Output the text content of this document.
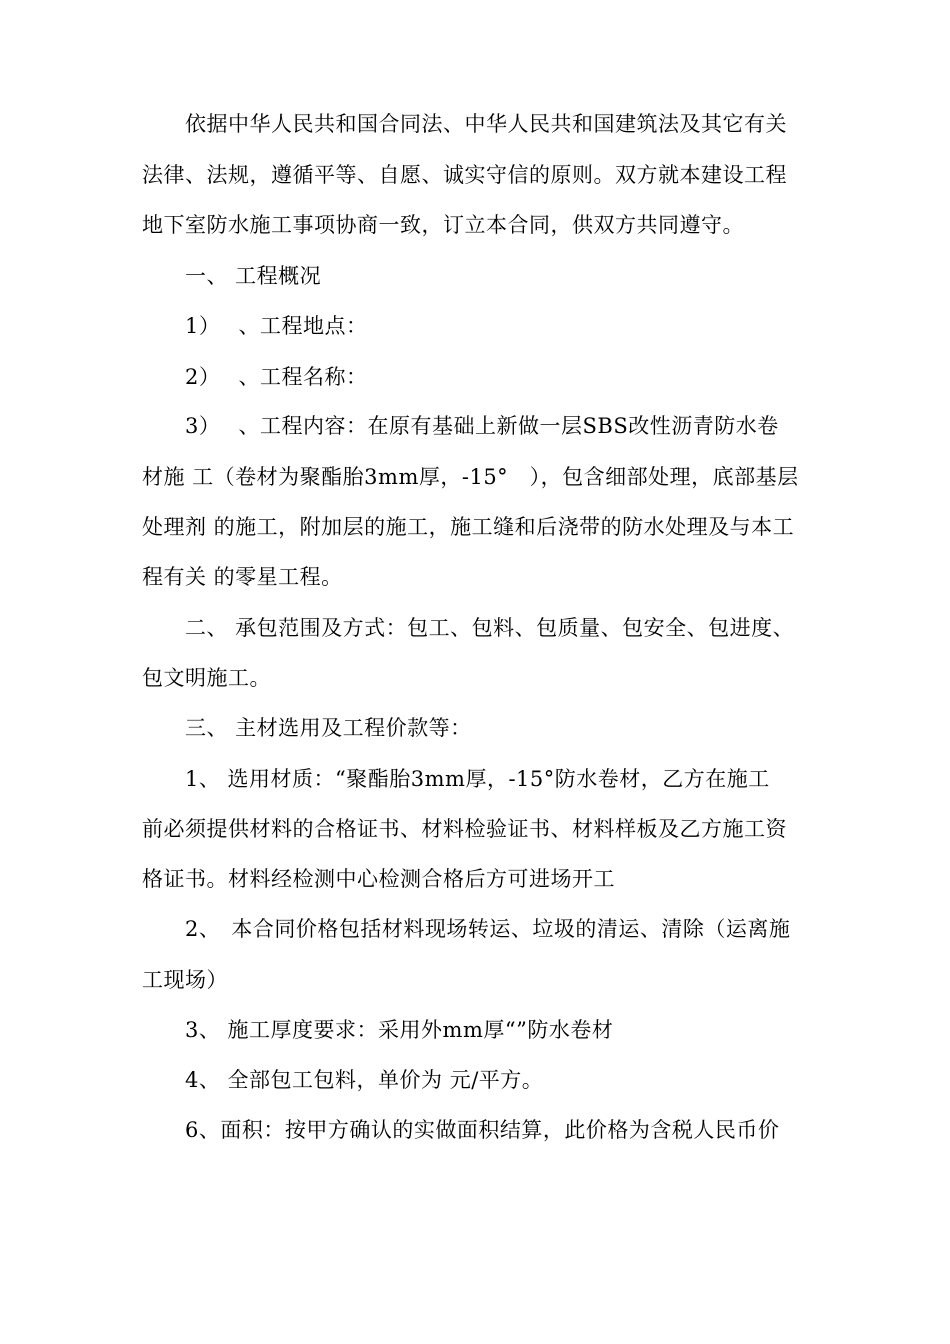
　　依据中华人民共和国合同法、中华人民共和国建筑法及其它有关
法律、法规，遵循平等、自愿、诚实守信的原则。双方就本建设工程
地下室防水施工事项协商一致，订立本合同，供双方共同遵守。
　　一、 工程概况
　　1）　 、工程地点：
　　2）　 、工程名称：
　　3）　 、工程内容：在原有基础上新做一层SBS改性沥青防水卷
材施 工（卷材为聚酯胎3mm厚，-15°　），包含细部处理，底部基层
处理剂 的施工，附加层的施工，施工缝和后浇带的防水处理及与本工
程有关 的零星工程。
　　二、 承包范围及方式：包工、包料、包质量、包安全、包进度、
包文明施工。
　　三、 主材选用及工程价款等：
　　1、 选用材质：“聚酯胎3mm厚，-15°防水卷材，乙方在施工
前必须提供材料的合格证书、材料检验证书、材料样板及乙方施工资
格证书。材料经检测中心检测合格后方可进场开工
　　2、　本合同价格包括材料现场转运、垃圾的清运、清除（运离施
工现场）
　　3、 施工厚度要求：采用外mm厚“”防水卷材
　　4、 全部包工包料，单价为 元/平方。
　　6、面积：按甲方确认的实做面积结算，此价格为含税人民币价
